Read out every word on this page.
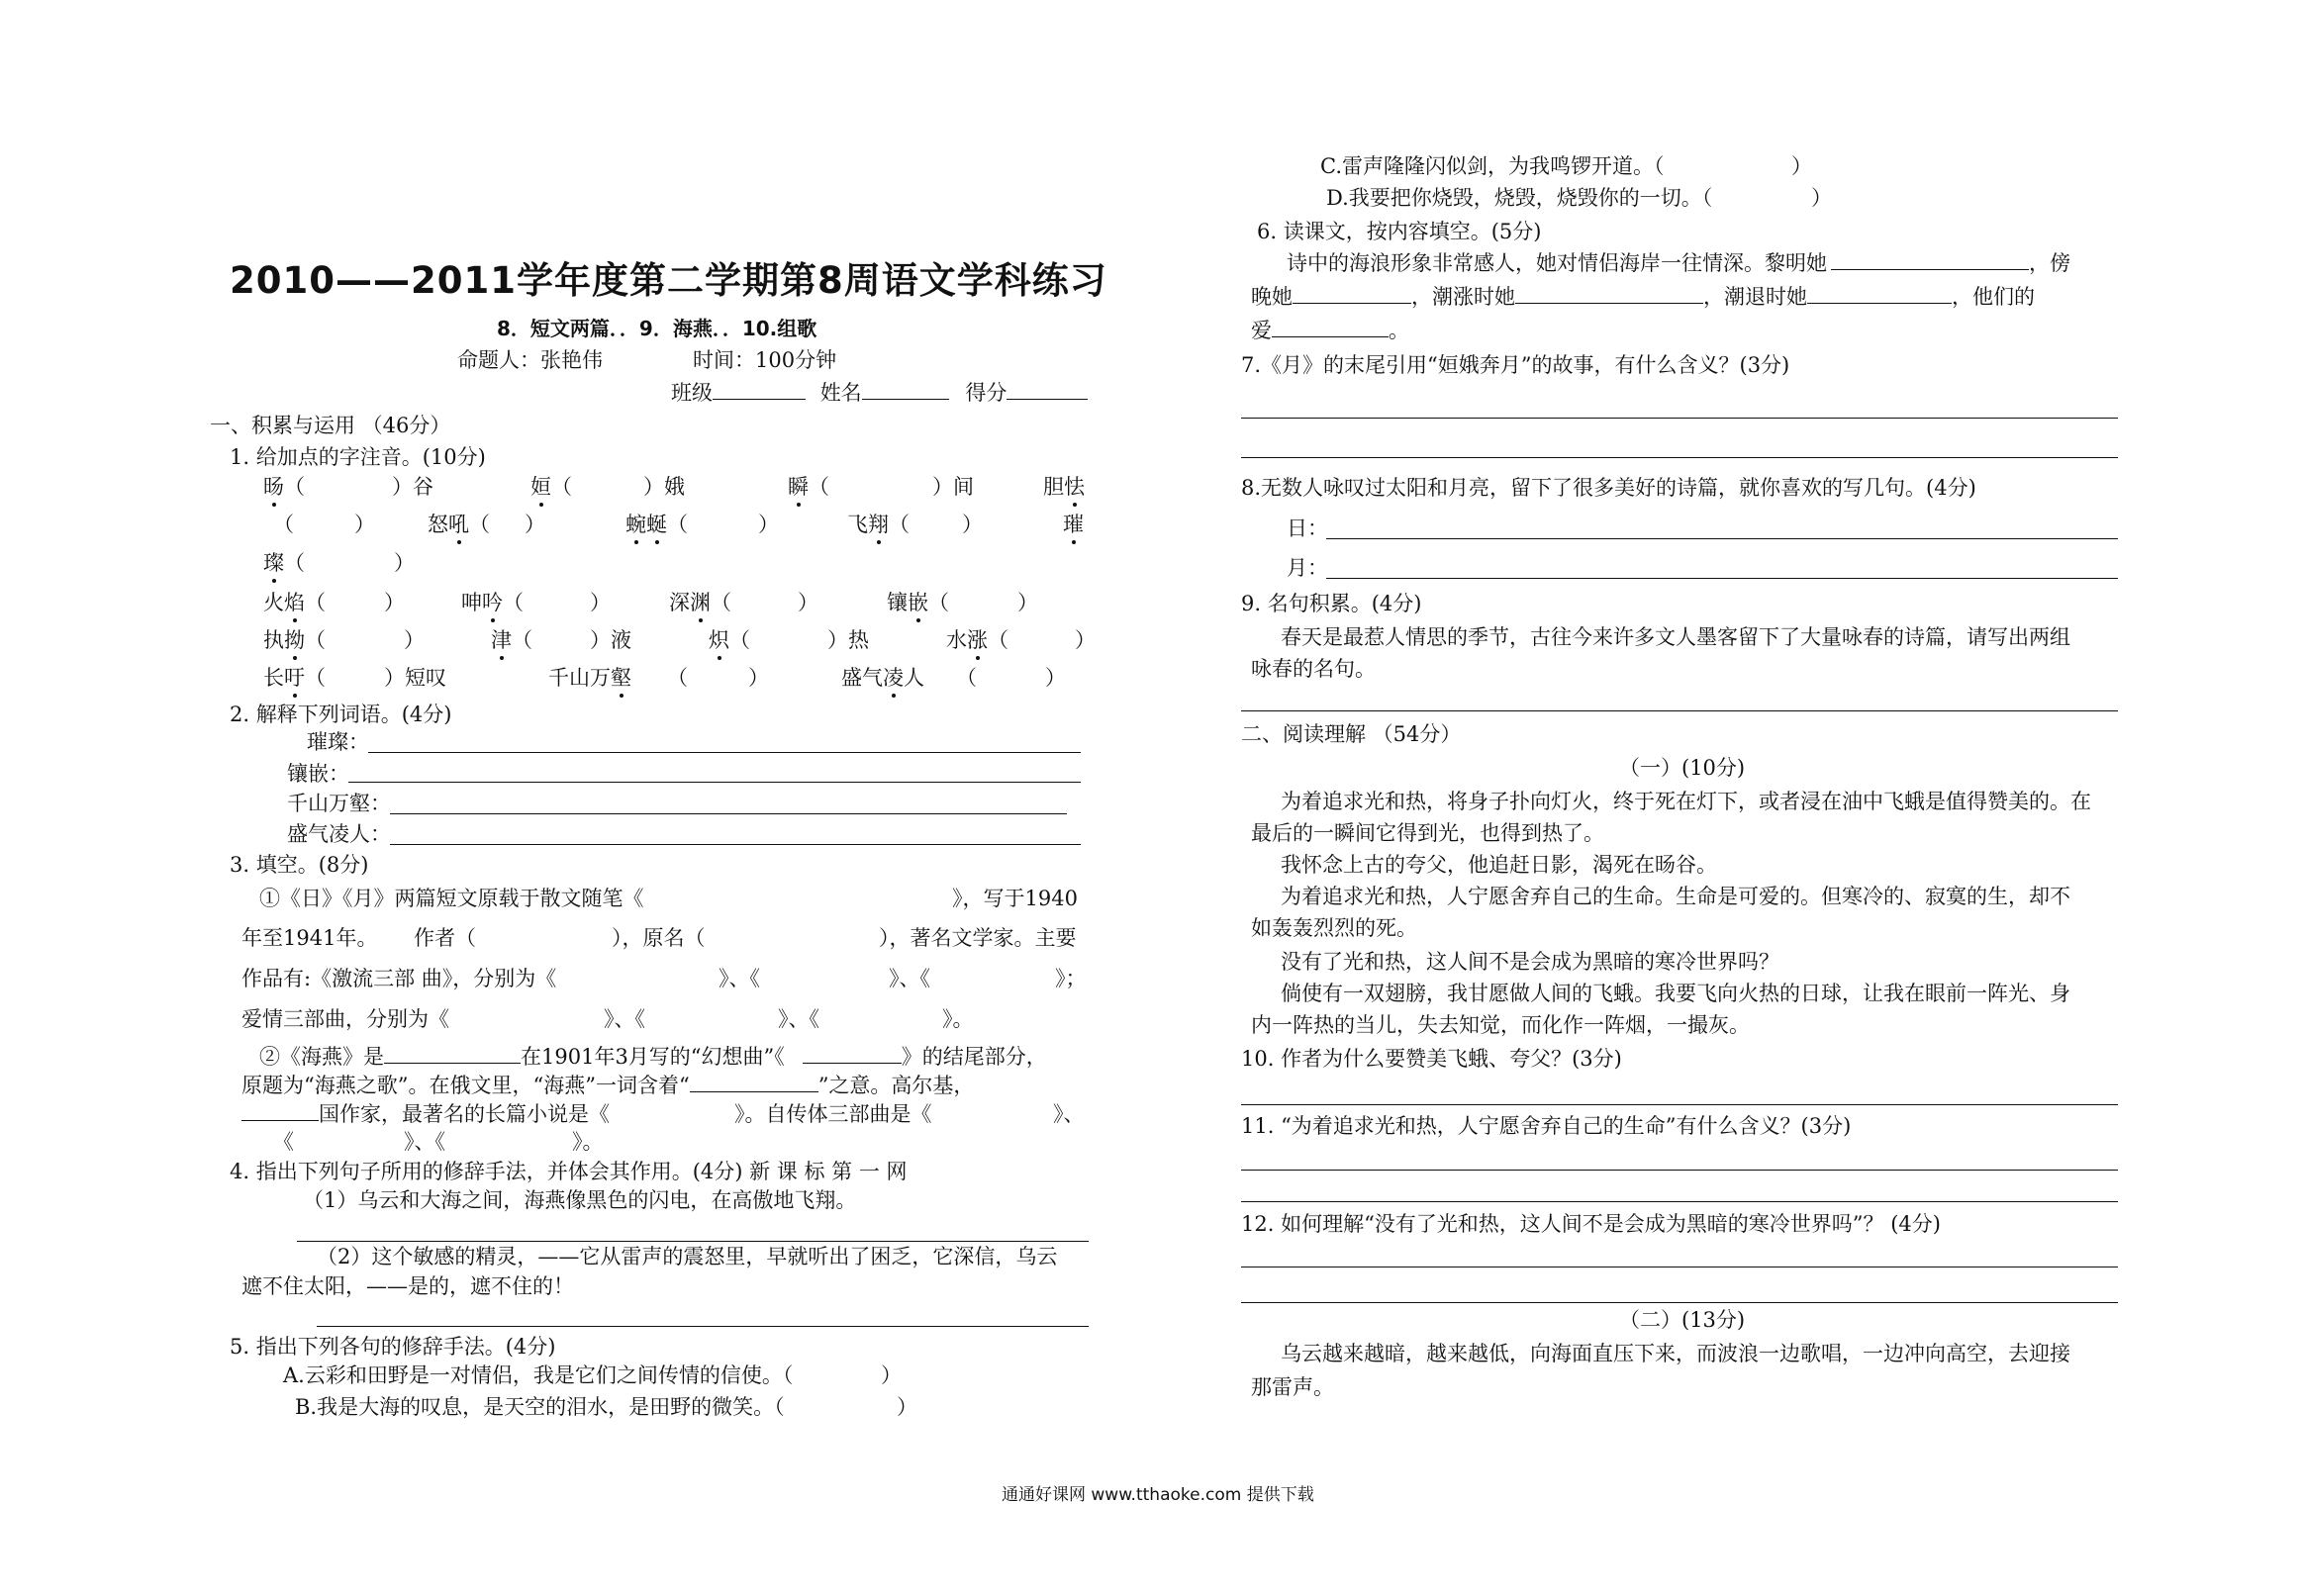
2010——2011学年度第二学期第8周语文学科练习
8．短文两篇．．9．海燕．．10.组歌
命题人：张艳伟	时间：100分钟
班级	姓名	得分
一、积累与运用 （46分）
1. 给加点的字注音。(10分)
旸（	）谷	姮（	）娥	瞬（	）间	胆怯
（	）	怒吼（ ）	蜿蜒（	）	飞翔（	）	璀
璨（	）
火焰（	）	呻吟（	）	深渊（	）	镶嵌（	）
执拗（	）	津（	）液	炽（	）热	水涨（	）
长吁（	）短叹	千山万壑 （	）	盛气凌人 （	）
2. 解释下列词语。(4分)
璀璨：
镶嵌：
千山万壑：
盛气凌人：
3. 填空。(8分)
①《日》《月》两篇短文原载于散文随笔《	》，写于1940
年至1941年。 作者（	），原名（	），著名文学家。主要
作品有:《激流三部 曲》，分别为《	》、《	》、《	》；
爱情三部曲，分别为《	》、《	》、《	》。
②《海燕》是	在1901年3月写的“幻想曲”《	》的结尾部分，
原题为“海燕之歌”。在俄文里，“海燕”一词含着“	”之意。高尔基，
国作家，最著名的长篇小说是《	》。自传体三部曲是《	》、
《	》、《	》。
4. 指出下列句子所用的修辞手法，并体会其作用。(4分) 新 课 标 第 一 网
（1）乌云和大海之间，海燕像黑色的闪电，在高傲地飞翔。
（2）这个敏感的精灵，——它从雷声的震怒里，早就听出了困乏，它深信，乌云
遮不住太阳，——是的，遮不住的！
5. 指出下列各句的修辞手法。(4分)
A.云彩和田野是一对情侣，我是它们之间传情的信使。（	）
B.我是大海的叹息，是天空的泪水，是田野的微笑。（	）
C.雷声隆隆闪似剑，为我鸣锣开道。（	）
D.我要把你烧毁，烧毁，烧毁你的一切。（	）
6. 读课文，按内容填空。(5分)
诗中的海浪形象非常感人，她对情侣海岸一往情深。黎明她	，傍
晚她	，潮涨时她	，潮退时她	，他们的
爱	。
7.《月》的末尾引用“姮娥奔月”的故事，有什么含义？(3分)
8.无数人咏叹过太阳和月亮，留下了很多美好的诗篇，就你喜欢的写几句。(4分)
日：
月：
9. 名句积累。(4分)
春天是最惹人情思的季节，古往今来许多文人墨客留下了大量咏春的诗篇，请写出两组
咏春的名句。
二、阅读理解 （54分）
（一）(10分)
为着追求光和热，将身子扑向灯火，终于死在灯下，或者浸在油中飞蛾是值得赞美的。在
最后的一瞬间它得到光，也得到热了。
我怀念上古的夸父，他追赶日影，渴死在旸谷。
为着追求光和热，人宁愿舍弃自己的生命。生命是可爱的。但寒冷的、寂寞的生，却不
如轰轰烈烈的死。
没有了光和热，这人间不是会成为黑暗的寒冷世界吗？
倘使有一双翅膀，我甘愿做人间的飞蛾。我要飞向火热的日球，让我在眼前一阵光、身
内一阵热的当儿，失去知觉，而化作一阵烟，一撮灰。
10. 作者为什么要赞美飞蛾、夸父？(3分)
11. “为着追求光和热，人宁愿舍弃自己的生命”有什么含义？(3分)
12. 如何理解“没有了光和热，这人间不是会成为黑暗的寒冷世界吗”？ (4分)
（二）(13分)
乌云越来越暗，越来越低，向海面直压下来，而波浪一边歌唱，一边冲向高空，去迎接
那雷声。
通通好课网 www.tthaoke.com 提供下载
